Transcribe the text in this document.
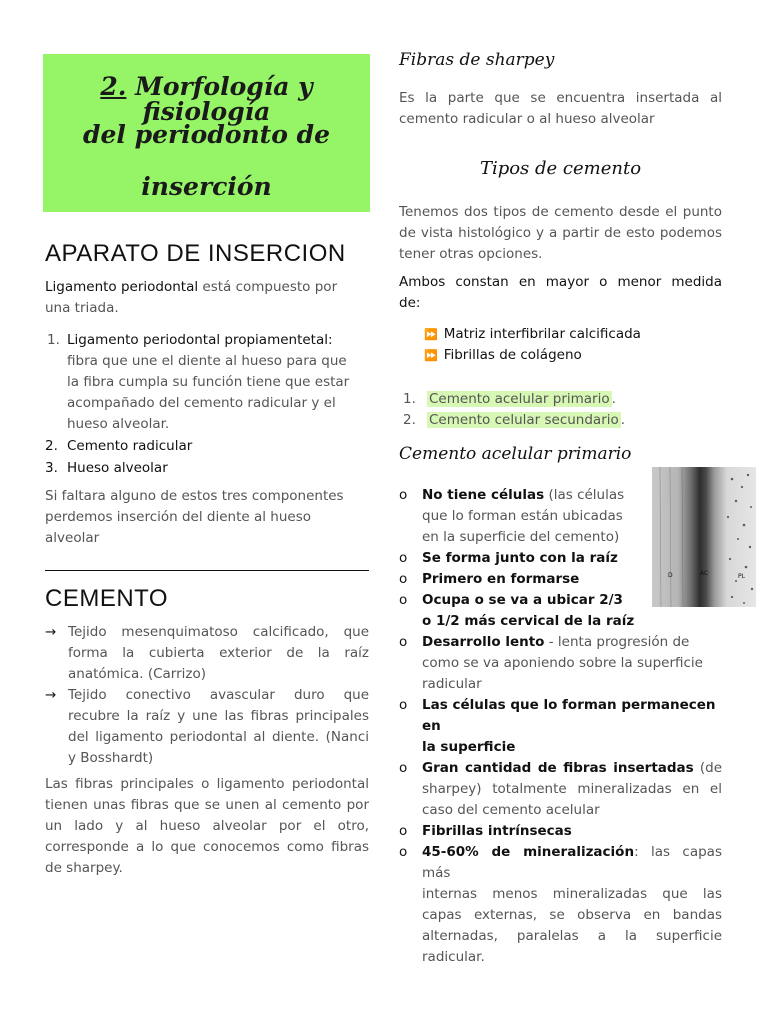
2. Morfología y fisiología
del periodonto de
inserción
APARATO DE INSERCION
Ligamento periodontal está compuesto por
una triada.
1. Ligamento periodontal propiamentetal:
fibra que une el diente al hueso para que
la fibra cumpla su función tiene que estar
acompañado del cemento radicular y el
hueso alveolar.
2. Cemento radicular
3. Hueso alveolar
Si faltara alguno de estos tres componentes
perdemos inserción del diente al hueso
alveolar
CEMENTO
→ Tejido mesenquimatoso calcificado, que
forma la cubierta exterior de la raíz
anatómica. (Carrizo)
→ Tejido conectivo avascular duro que
recubre la raíz y une las fibras principales
del ligamento periodontal al diente. (Nanci
y Bosshardt)
Las fibras principales o ligamento periodontal
tienen unas fibras que se unen al cemento por
un lado y al hueso alveolar por el otro,
corresponde a lo que conocemos como fibras
de sharpey.
Fibras de sharpey
Es la parte que se encuentra insertada al
cemento radicular o al hueso alveolar
Tipos de cemento
Tenemos dos tipos de cemento desde el punto
de vista histológico y a partir de esto podemos
tener otras opciones.
Ambos constan en mayor o menor medida
de:
⏩ Matriz interfibrilar calcificada
⏩ Fibrillas de colágeno
1. Cemento acelular primario .
2. Cemento celular secundario .
Cemento acelular primario
D	AC	PL
o No tiene células (las células
que lo forman están ubicadas
en la superficie del cemento)
o Se forma junto con la raíz
o Primero en formarse
o Ocupa o se va a ubicar 2/3
o 1/2 más cervical de la raíz
o Desarrollo lento - lenta progresión de
como se va aponiendo sobre la superficie
radicular
o Las células que lo forman permanecen en
la superficie
o Gran cantidad de fibras insertadas (de
sharpey) totalmente mineralizadas en el
caso del cemento acelular
o Fibrillas intrínsecas
o 45-60% de mineralización: las capas más
internas menos mineralizadas que las
capas externas, se observa en bandas
alternadas, paralelas a la superficie
radicular.
